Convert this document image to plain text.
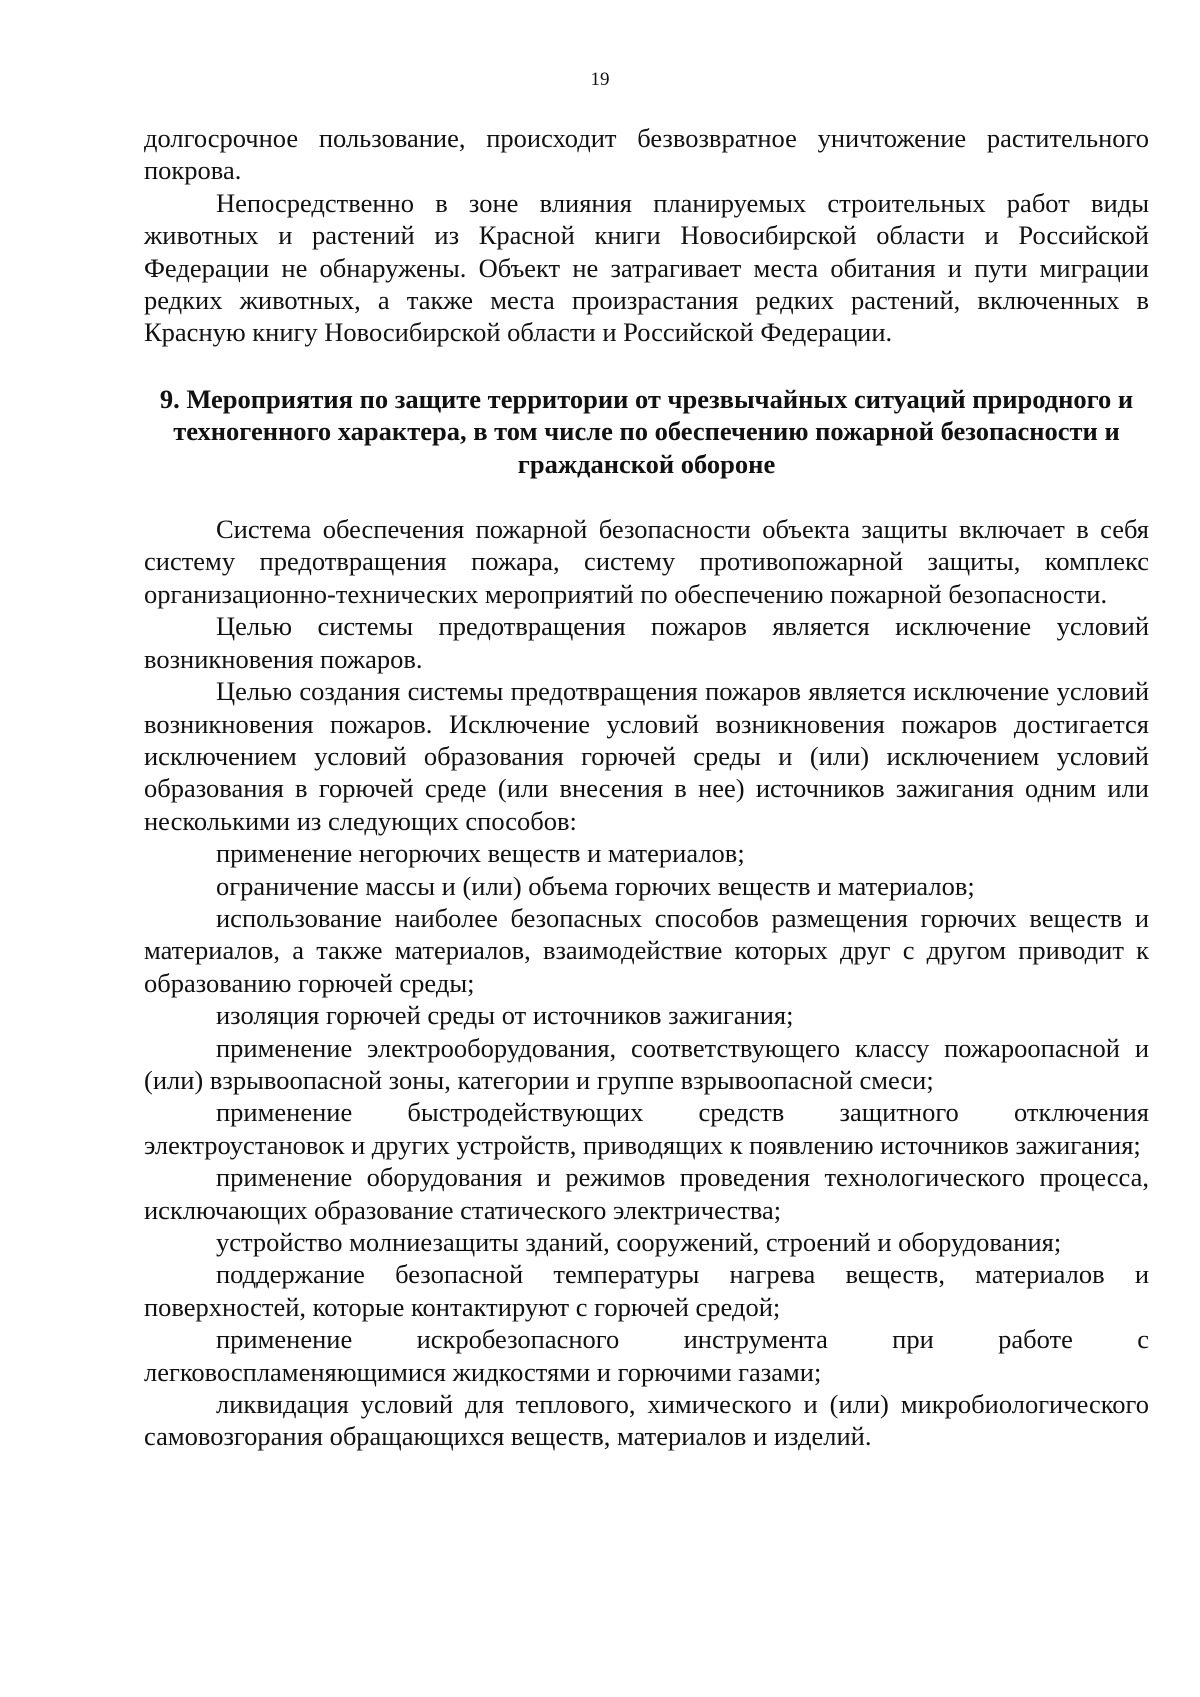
19

долгосрочное пользование, происходит безвозвратное уничтожение растительного покрова.

Непосредственно в зоне влияния планируемых строительных работ виды животных и растений из Красной книги Новосибирской области и Российской Федерации не обнаружены. Объект не затрагивает места обитания и пути миграции редких животных, а также места произрастания редких растений, включенных в Красную книгу Новосибирской области и Российской Федерации.

9. Мероприятия по защите территории от чрезвычайных ситуаций природного и техногенного характера, в том числе по обеспечению пожарной безопасности и гражданской обороне

Система обеспечения пожарной безопасности объекта защиты включает в себя систему предотвращения пожара, систему противопожарной защиты, комплекс организационно-технических мероприятий по обеспечению пожарной безопасности.

Целью системы предотвращения пожаров является исключение условий возникновения пожаров.

Целью создания системы предотвращения пожаров является исключение условий возникновения пожаров. Исключение условий возникновения пожаров достигается исключением условий образования горючей среды и (или) исключением условий образования в горючей среде (или внесения в нее) источников зажигания одним или несколькими из следующих способов:

применение негорючих веществ и материалов;

ограничение массы и (или) объема горючих веществ и материалов;

использование наиболее безопасных способов размещения горючих веществ и материалов, а также материалов, взаимодействие которых друг с другом приводит к образованию горючей среды;

изоляция горючей среды от источников зажигания;

применение электрооборудования, соответствующего классу пожароопасной и (или) взрывоопасной зоны, категории и группе взрывоопасной смеси;

применение быстродействующих средств защитного отключения электроустановок и других устройств, приводящих к появлению источников зажигания;

применение оборудования и режимов проведения технологического процесса, исключающих образование статического электричества;

устройство молниезащиты зданий, сооружений, строений и оборудования;

поддержание безопасной температуры нагрева веществ, материалов и поверхностей, которые контактируют с горючей средой;

применение искробезопасного инструмента при работе с легковоспламеняющимися жидкостями и горючими газами;

ликвидация условий для теплового, химического и (или) микробиологического самовозгорания обращающихся веществ, материалов и изделий.
